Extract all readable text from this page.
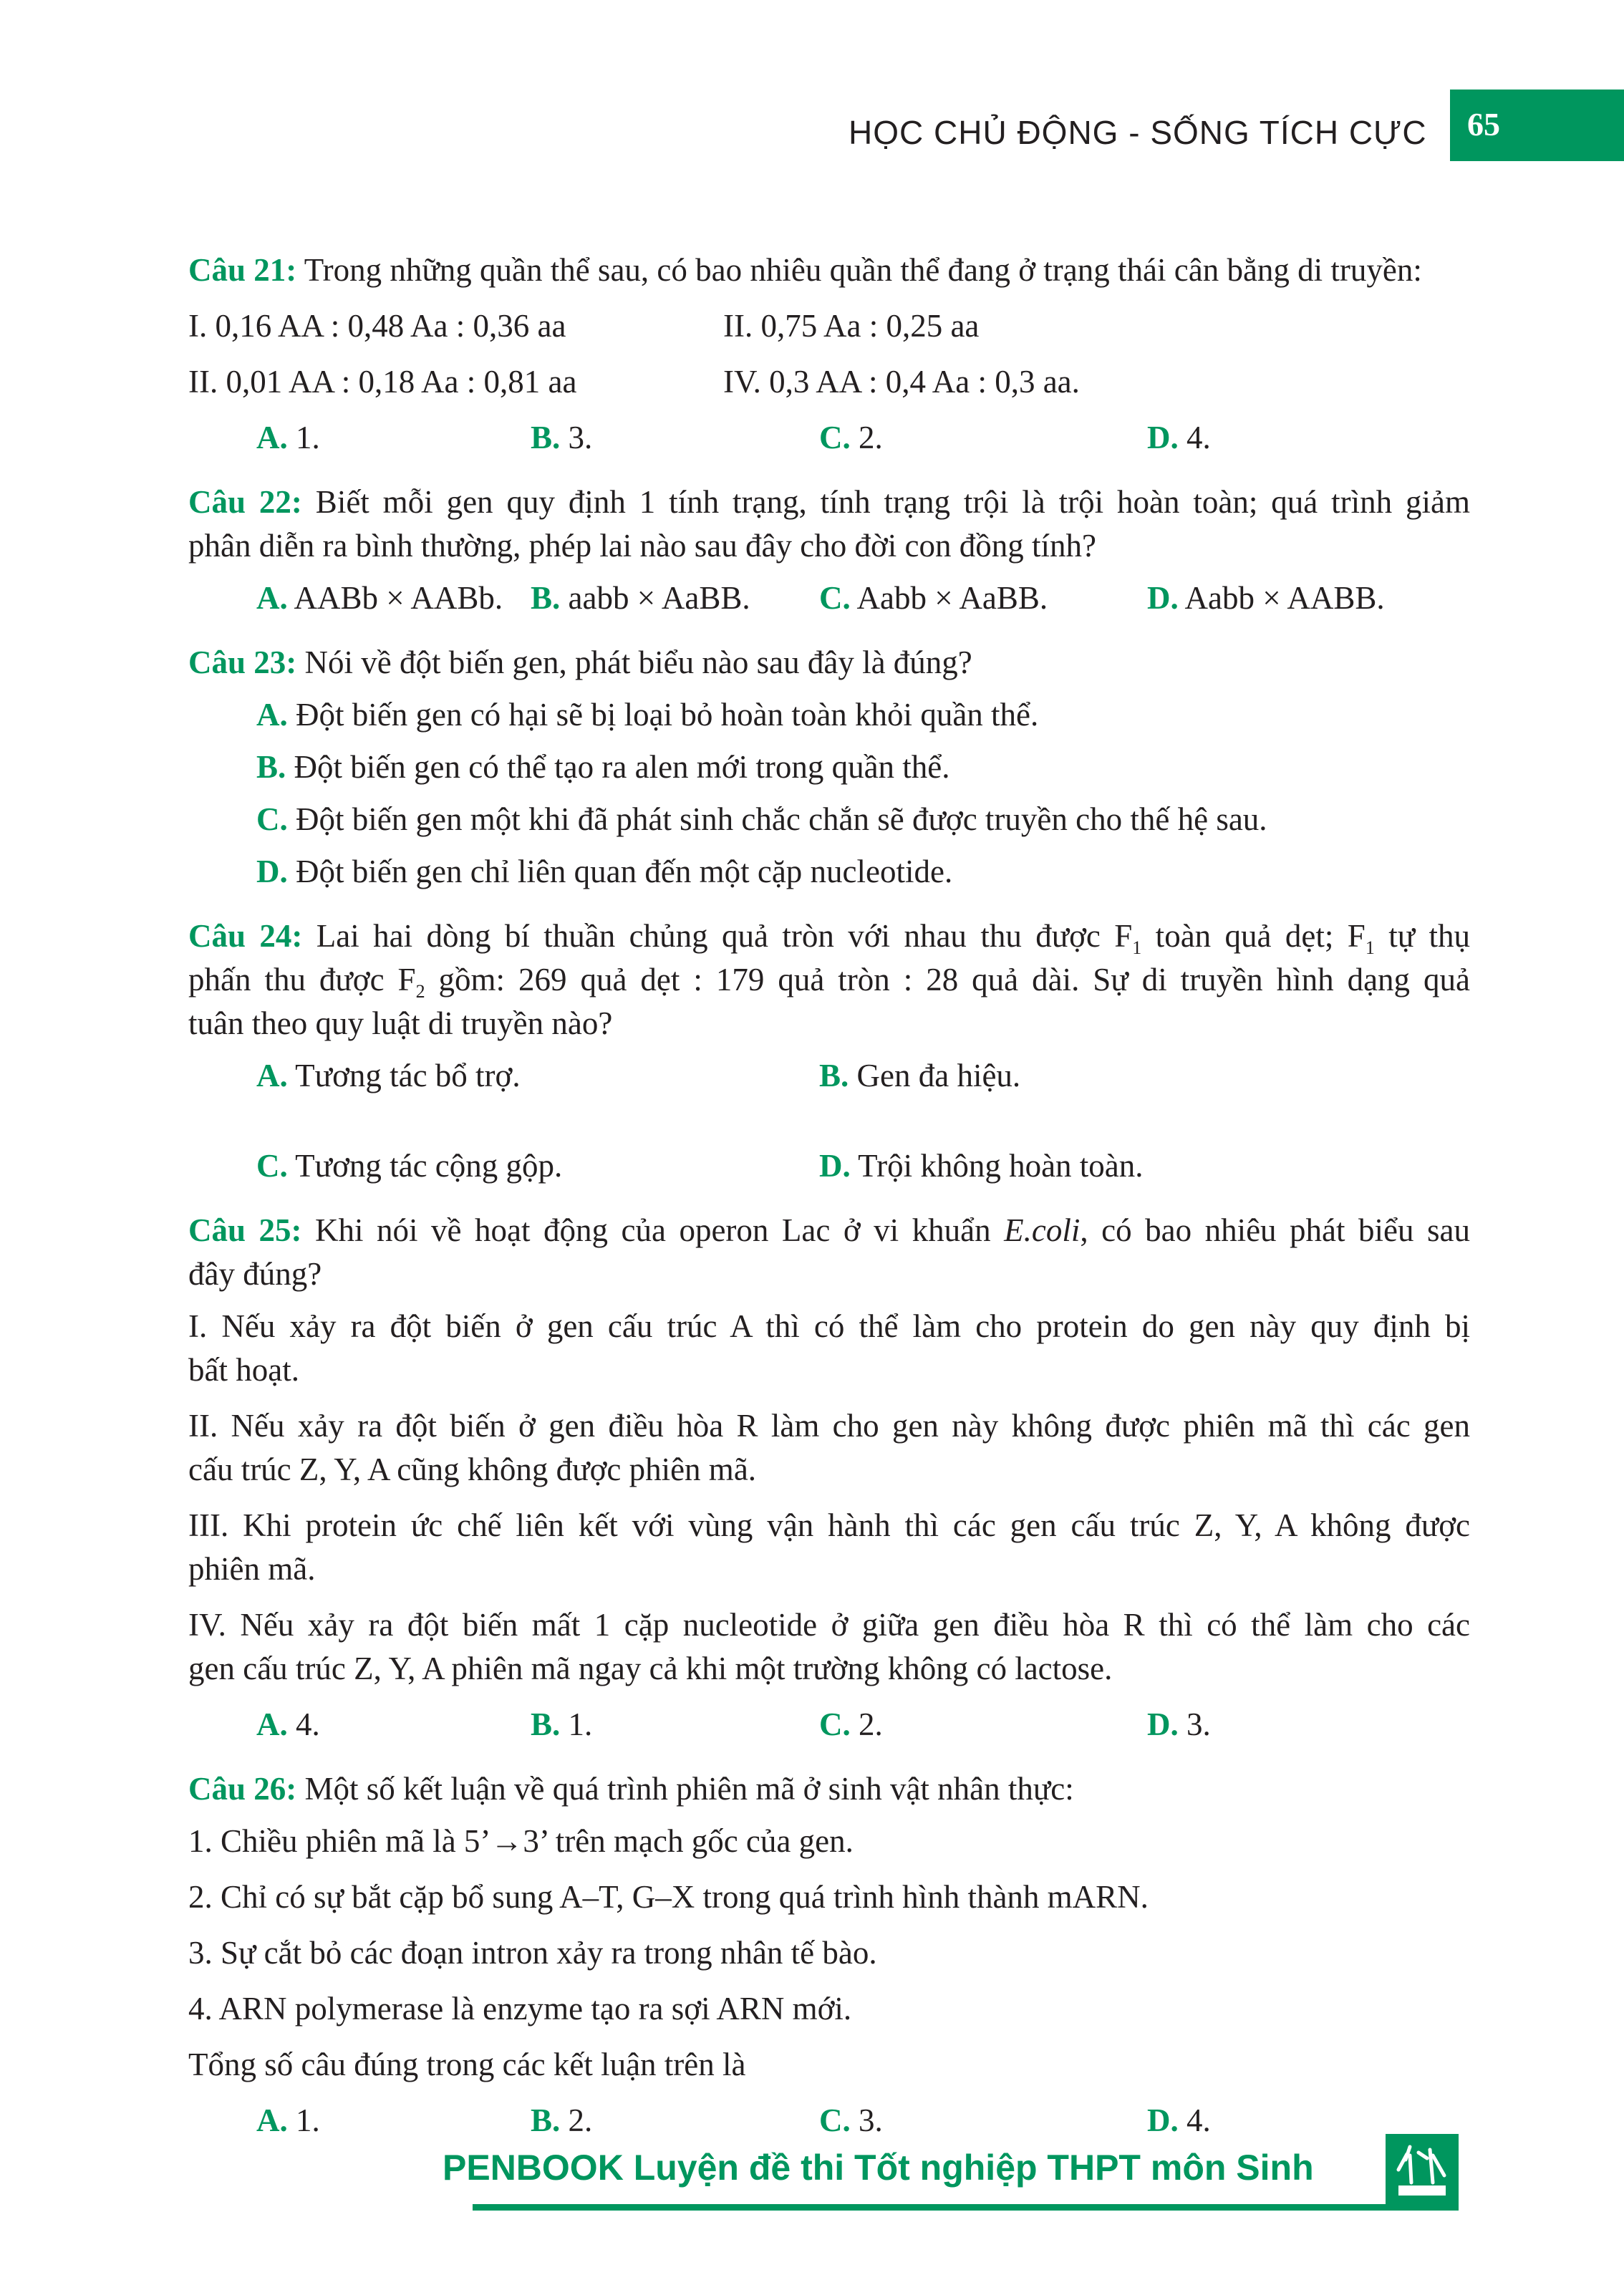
HỌC CHỦ ĐỘNG - SỐNG TÍCH CỰC 65
Câu 21: Trong những quần thể sau, có bao nhiêu quần thể đang ở trạng thái cân bằng di truyền:
I. 0,16 AA : 0,48 Aa : 0,36 aa	II. 0,75 Aa : 0,25 aa
II. 0,01 AA : 0,18 Aa : 0,81 aa	IV. 0,3 AA : 0,4 Aa : 0,3 aa.
A. 1.	B. 3.	C. 2.	D. 4.
Câu 22: Biết mỗi gen quy định 1 tính trạng, tính trạng trội là trội hoàn toàn; quá trình giảm
phân diễn ra bình thường, phép lai nào sau đây cho đời con đồng tính?
A. AABb × AABb. B. aabb × AaBB. C. Aabb × AaBB.	D. Aabb × AABB.
Câu 23: Nói về đột biến gen, phát biểu nào sau đây là đúng?
A. Đột biến gen có hại sẽ bị loại bỏ hoàn toàn khỏi quần thể.
B. Đột biến gen có thể tạo ra alen mới trong quần thể.
C. Đột biến gen một khi đã phát sinh chắc chắn sẽ được truyền cho thế hệ sau.
D. Đột biến gen chỉ liên quan đến một cặp nucleotide.
Câu 24: Lai hai dòng bí thuần chủng quả tròn với nhau thu được $F_1$ toàn quả dẹt; $F_1$ tự thụ
phấn thu được $F_2$ gồm: 269 quả dẹt : 179 quả tròn : 28 quả dài. Sự di truyền hình dạng quả
tuân theo quy luật di truyền nào?
A. Tương tác bổ trợ.	B. Gen đa hiệu.
C. Tương tác cộng gộp.	D. Trội không hoàn toàn.
Câu 25: Khi nói về hoạt động của operon Lac ở vi khuẩn E.coli, có bao nhiêu phát biểu sau
đây đúng?
I. Nếu xảy ra đột biến ở gen cấu trúc A thì có thể làm cho protein do gen này quy định bị
bất hoạt.
II. Nếu xảy ra đột biến ở gen điều hòa R làm cho gen này không được phiên mã thì các gen
cấu trúc Z, Y, A cũng không được phiên mã.
III. Khi protein ức chế liên kết với vùng vận hành thì các gen cấu trúc Z, Y, A không được
phiên mã.
IV. Nếu xảy ra đột biến mất 1 cặp nucleotide ở giữa gen điều hòa R thì có thể làm cho các
gen cấu trúc Z, Y, A phiên mã ngay cả khi một trường không có lactose.
A. 4.	B. 1.	C. 2.	D. 3.
Câu 26: Một số kết luận về quá trình phiên mã ở sinh vật nhân thực:
1. Chiều phiên mã là 5’→3’ trên mạch gốc của gen.
2. Chỉ có sự bắt cặp bổ sung A–T, G–X trong quá trình hình thành mARN.
3. Sự cắt bỏ các đoạn intron xảy ra trong nhân tế bào.
4. ARN polymerase là enzyme tạo ra sợi ARN mới.
Tổng số câu đúng trong các kết luận trên là
A. 1.	B. 2.	C. 3.	D. 4.
PENBOOK Luyện đề thi Tốt nghiệp THPT môn Sinh
